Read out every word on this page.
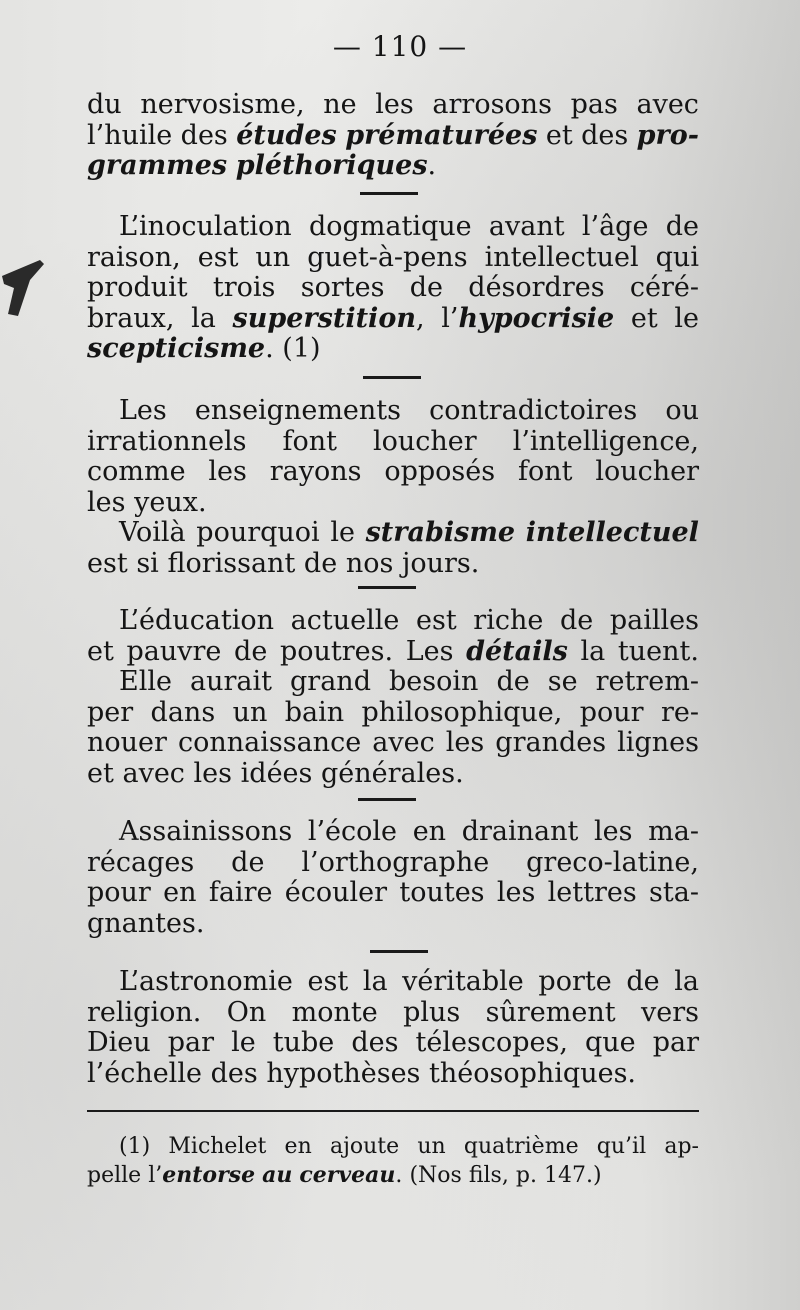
— 110 —
du nervosisme, ne les arrosons pas avec
l’huile des études prématurées et des pro-
grammes pléthoriques.
L’inoculation dogmatique avant l’âge de
raison, est un guet-à-pens intellectuel qui
produit trois sortes de désordres céré-
braux, la superstition, l’hypocrisie et le
scepticisme. (1)
Les enseignements contradictoires ou
irrationnels font loucher l’intelligence,
comme les rayons opposés font loucher
les yeux.
Voilà pourquoi le strabisme intellectuel
est si florissant de nos jours.
L’éducation actuelle est riche de pailles
et pauvre de poutres. Les détails la tuent.
Elle aurait grand besoin de se retrem-
per dans un bain philosophique, pour re-
nouer connaissance avec les grandes lignes
et avec les idées générales.
Assainissons l’école en drainant les ma-
récages de l’orthographe greco-latine,
pour en faire écouler toutes les lettres sta-
gnantes.
L’astronomie est la véritable porte de la
religion. On monte plus sûrement vers
Dieu par le tube des télescopes, que par
l’échelle des hypothèses théosophiques.
(1) Michelet en ajoute un quatrième qu’il ap-
pelle l’entorse au cerveau. (Nos fils, p. 147.)
